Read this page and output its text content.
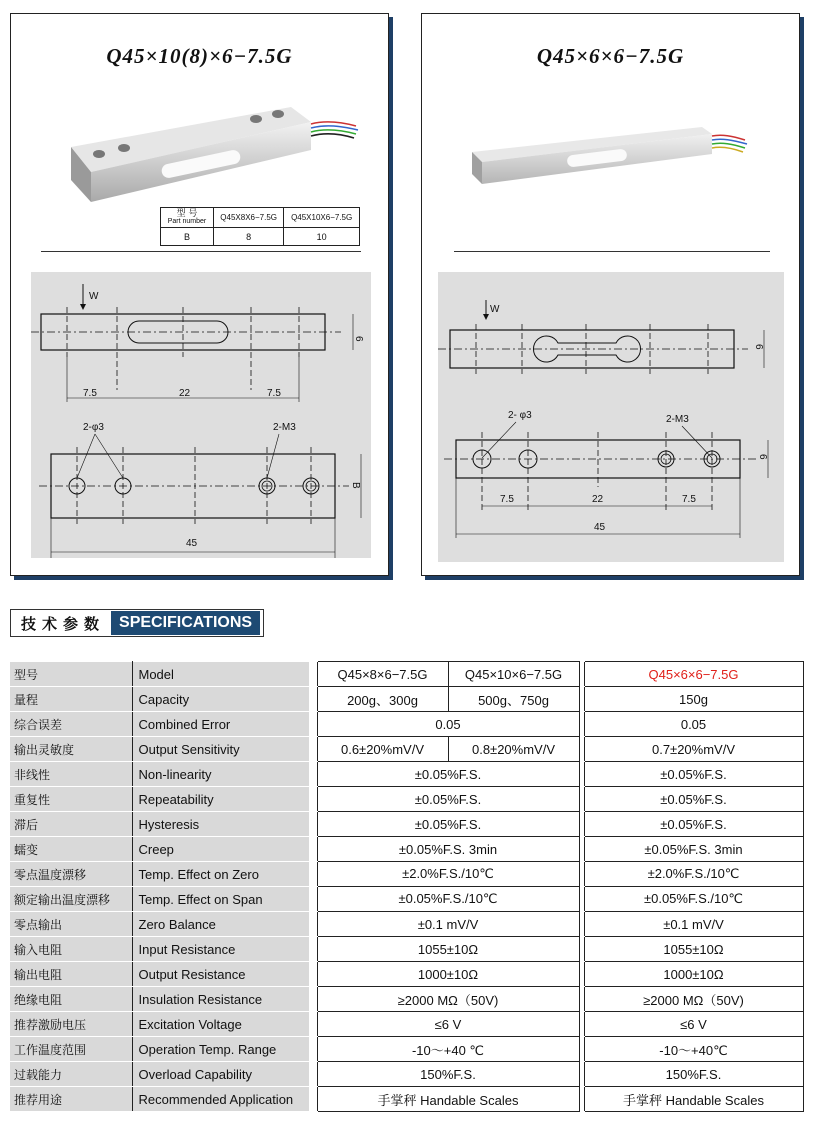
Q45×10(8)×6−7.5G
型 号
Part number	Q45X8X6−7.5G	Q45X10X6−7.5G
B	8	10
W
7.5	22	7.5
6
2-φ3	2-M3
45
B
Q45×6×6−7.5G
W
6
2- φ3	2-M3
7.5	22	7.5
45
6
技术参数 SPECIFICATIONS
型号	Model		Q45×8×6−7.5G	Q45×10×6−7.5G		Q45×6×6−7.5G
量程	Capacity		200g、300g	500g、750g		150g
综合误差	Combined Error		0.05			0.05
输出灵敏度	Output Sensitivity		0.6±20%mV/V	0.8±20%mV/V		0.7±20%mV/V
非线性	Non-linearity		±0.05%F.S.			±0.05%F.S.
重复性	Repeatability		±0.05%F.S.			±0.05%F.S.
滞后	Hysteresis		±0.05%F.S.			±0.05%F.S.
蠕变	Creep		±0.05%F.S. 3min			±0.05%F.S. 3min
零点温度漂移	Temp. Effect on Zero		±2.0%F.S./10℃			±2.0%F.S./10℃
额定输出温度漂移	Temp. Effect on Span		±0.05%F.S./10℃			±0.05%F.S./10℃
零点输出	Zero Balance		±0.1 mV/V			±0.1 mV/V
输入电阻	Input Resistance		1055±10Ω			1055±10Ω
输出电阻	Output Resistance		1000±10Ω			1000±10Ω
绝缘电阻	Insulation Resistance		≥2000 MΩ（50V)			≥2000 MΩ（50V)
推荐激励电压	Excitation Voltage		≤6 V			≤6 V
工作温度范围	Operation Temp. Range		-10～+40 ℃			-10～+40℃
过载能力	Overload Capability		150%F.S.			150%F.S.
推荐用途	Recommended Application		手掌秤 Handable Scales			手掌秤 Handable Scales
